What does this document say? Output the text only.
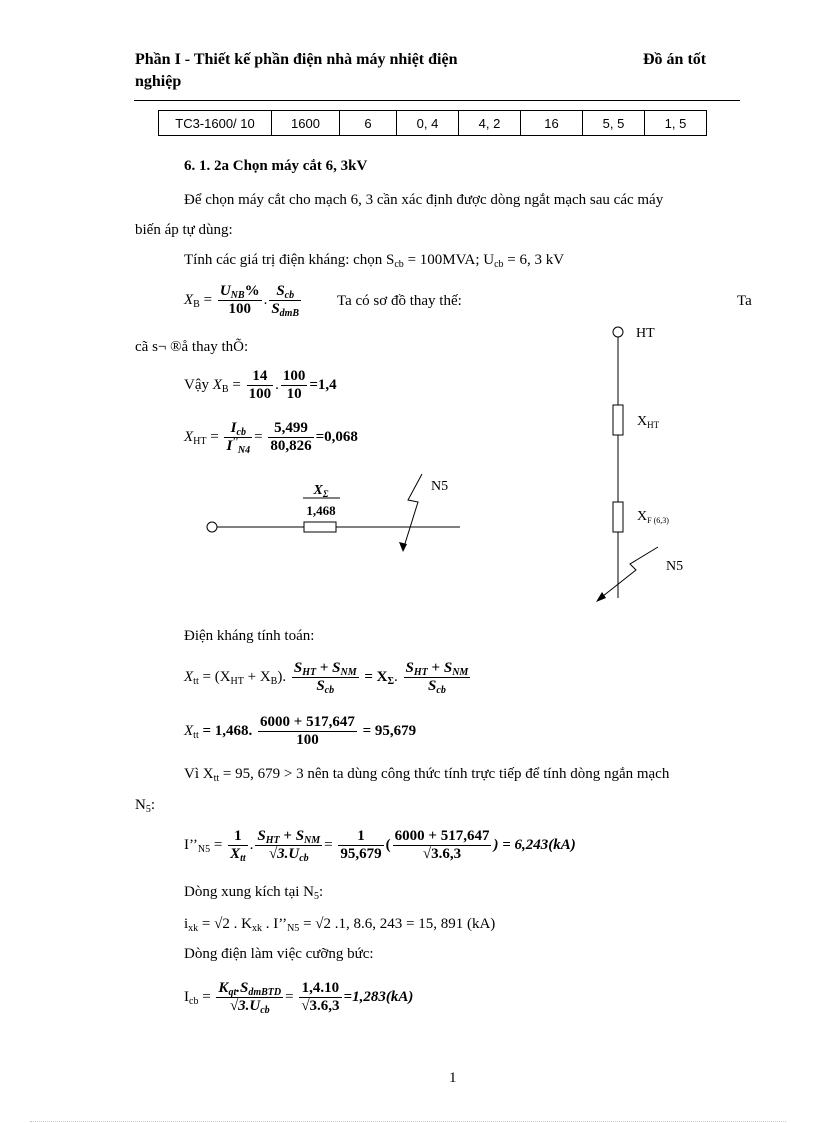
Phần I - Thiết kế phần điện nhà máy nhiệt điện	Đồ án tốt
nghiệp
TC3-1600/ 10	1600	6	0, 4	4, 2	16	5, 5	1, 5
6. 1. 2a Chọn máy cắt 6, 3kV
Để chọn máy cắt cho mạch 6, 3 cần xác định được dòng ngắt mạch sau các máy
biến áp tự dùng:
Tính các giá trị điện kháng: chọn $S_{cb} = 100MVA$; $U_{cb} = 6$, 3 kV
$X_B = \frac{U_{NB}\%}{100}$ . $\frac{S_{cb}}{S_{dmB}}$ Ta có sơ đồ thay thế:	Ta
cã s¬ ®å thay thÕ:
Vậy $X_B = \frac{14}{100}$ . $\frac{100}{10} =1,4$
$X_{HT} = \frac{I_{cb}}{I''_{N4}} = \frac{5,499}{80,826} =0,068$
$X_\Sigma$
1,468
N5
HT
$X_{HT}$
$X_{F (6,3)}$
N5
Điện kháng tính toán:
$X_{tt} = (X_{HT} + X_B)$. $\frac{S_{HT} + S_{NM}}{S_{cb}} = X_\Sigma$. $\frac{S_{HT} + S_{NM}}{S_{cb}}$
$X_{tt} = 1,468$. $\frac{6000 + 517,647}{100} = 95,679$
Vì $X_{tt} = 95$, 679 > 3 nên ta dùng công thức tính trực tiếp để tính dòng ngắn mạch
$N_5$:
$I’’_{N5} = \frac{1}{X_{tt}}$ . $\frac{S_{HT} + S_{NM}}{√3.U_{cb}} = \frac{1}{95,679}$ ( $\frac{6000 + 517,647}{√3.6,3}$ ) = 6,243(kA)
Dòng xung kích tại $N_5$:
$i_{xk} = √2$ . $K_{xk}$ . $I’’_{N5} = √2$ .1, 8.6, 243 = 15, 891 (kA)
Dòng điện làm việc cưỡng bức:
$I_{cb} = \frac{K_{qt}.S_{dmBTD}}{√3.U_{cb}} = \frac{1,4.10}{√3.6,3} =1,283(kA)$
1
